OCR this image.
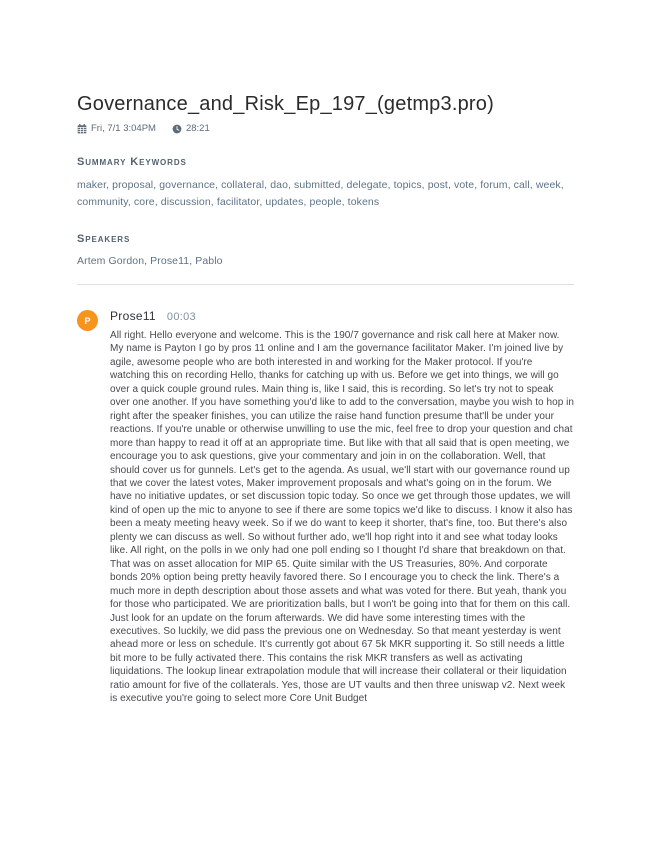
Governance_and_Risk_Ep_197_(getmp3.pro)
Fri, 7/1 3:04PM	28:21
Summary Keywords

maker, proposal, governance, collateral, dao, submitted, delegate, topics, post, vote, forum, call, week, community, core, discussion, facilitator, updates, people, tokens

Speakers

Artem Gordon, Prose11, Pablo

P Prose11 00:03

All right. Hello everyone and welcome. This is the 190/7 governance and risk call here at Maker now. My name is Payton I go by pros 11 online and I am the governance facilitator Maker. I'm joined live by agile, awesome people who are both interested in and working for the Maker protocol. If you're watching this on recording Hello, thanks for catching up with us. Before we get into things, we will go over a quick couple ground rules. Main thing is, like I said, this is recording. So let's try not to speak over one another. If you have something you'd like to add to the conversation, maybe you wish to hop in right after the speaker finishes, you can utilize the raise hand function presume that'll be under your reactions. If you're unable or otherwise unwilling to use the mic, feel free to drop your question and chat more than happy to read it off at an appropriate time. But like with that all said that is open meeting, we encourage you to ask questions, give your commentary and join in on the collaboration. Well, that should cover us for gunnels. Let's get to the agenda. As usual, we'll start with our governance round up that we cover the latest votes, Maker improvement proposals and what's going on in the forum. We have no initiative updates, or set discussion topic today. So once we get through those updates, we will kind of open up the mic to anyone to see if there are some topics we'd like to discuss. I know it also has been a meaty meeting heavy week. So if we do want to keep it shorter, that's fine, too. But there's also plenty we can discuss as well. So without further ado, we'll hop right into it and see what today looks like. All right, on the polls in we only had one poll ending so I thought I'd share that breakdown on that. That was on asset allocation for MIP 65. Quite similar with the US Treasuries, 80%. And corporate bonds 20% option being pretty heavily favored there. So I encourage you to check the link. There's a much more in depth description about those assets and what was voted for there. But yeah, thank you for those who participated. We are prioritization balls, but I won't be going into that for them on this call. Just look for an update on the forum afterwards. We did have some interesting times with the executives. So luckily, we did pass the previous one on Wednesday. So that meant yesterday is went ahead more or less on schedule. It's currently got about 67 5k MKR supporting it. So still needs a little bit more to be fully activated there. This contains the risk MKR transfers as well as activating liquidations. The lookup linear extrapolation module that will increase their collateral or their liquidation ratio amount for five of the collaterals. Yes, those are UT vaults and then three uniswap v2. Next week is executive you're going to select more Core Unit Budget
